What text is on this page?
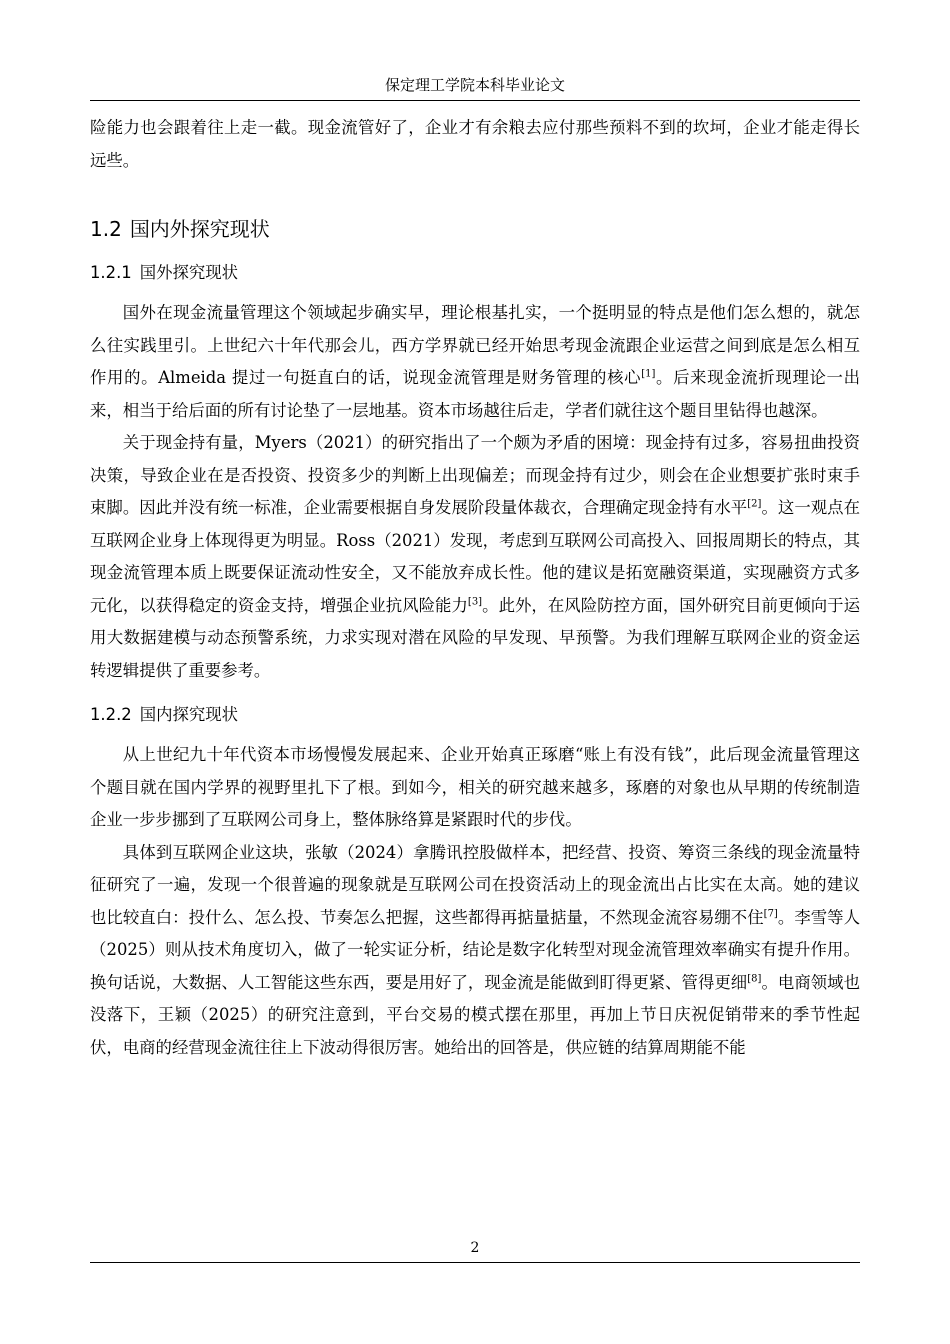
保定理工学院本科毕业论文

险能力也会跟着往上走一截。现金流管好了，企业才有余粮去应付那些预料不到的坎坷，企业才能走得长远些。

1.2 国内外探究现状
1.2.1 国外探究现状

国外在现金流量管理这个领域起步确实早，理论根基扎实，一个挺明显的特点是他们怎么想的，就怎么往实践里引。上世纪六十年代那会儿，西方学界就已经开始思考现金流跟企业运营之间到底是怎么相互作用的。Almeida 提过一句挺直白的话，说现金流管理是财务管理的核心[1]。后来现金流折现理论一出来，相当于给后面的所有讨论垫了一层地基。资本市场越往后走，学者们就往这个题目里钻得也越深。

关于现金持有量，Myers（2021）的研究指出了一个颇为矛盾的困境：现金持有过多，容易扭曲投资决策，导致企业在是否投资、投资多少的判断上出现偏差；而现金持有过少，则会在企业想要扩张时束手束脚。因此并没有统一标准，企业需要根据自身发展阶段量体裁衣，合理确定现金持有水平[2]。这一观点在互联网企业身上体现得更为明显。Ross（2021）发现，考虑到互联网公司高投入、回报周期长的特点，其现金流管理本质上既要保证流动性安全，又不能放弃成长性。他的建议是拓宽融资渠道，实现融资方式多元化，以获得稳定的资金支持，增强企业抗风险能力[3]。此外，在风险防控方面，国外研究目前更倾向于运用大数据建模与动态预警系统，力求实现对潜在风险的早发现、早预警。为我们理解互联网企业的资金运转逻辑提供了重要参考。

1.2.2 国内探究现状

从上世纪九十年代资本市场慢慢发展起来、企业开始真正琢磨“账上有没有钱”，此后现金流量管理这个题目就在国内学界的视野里扎下了根。到如今，相关的研究越来越多，琢磨的对象也从早期的传统制造企业一步步挪到了互联网公司身上，整体脉络算是紧跟时代的步伐。

具体到互联网企业这块，张敏（2024）拿腾讯控股做样本，把经营、投资、筹资三条线的现金流量特征研究了一遍，发现一个很普遍的现象就是互联网公司在投资活动上的现金流出占比实在太高。她的建议也比较直白：投什么、怎么投、节奏怎么把握，这些都得再掂量掂量，不然现金流容易绷不住[7]。李雪等人（2025）则从技术角度切入，做了一轮实证分析，结论是数字化转型对现金流管理效率确实有提升作用。换句话说，大数据、人工智能这些东西，要是用好了，现金流是能做到盯得更紧、管得更细[8]。电商领域也没落下，王颖（2025）的研究注意到，平台交易的模式摆在那里，再加上节日庆祝促销带来的季节性起伏，电商的经营现金流往往上下波动得很厉害。她给出的回答是，供应链的结算周期能不能

2
